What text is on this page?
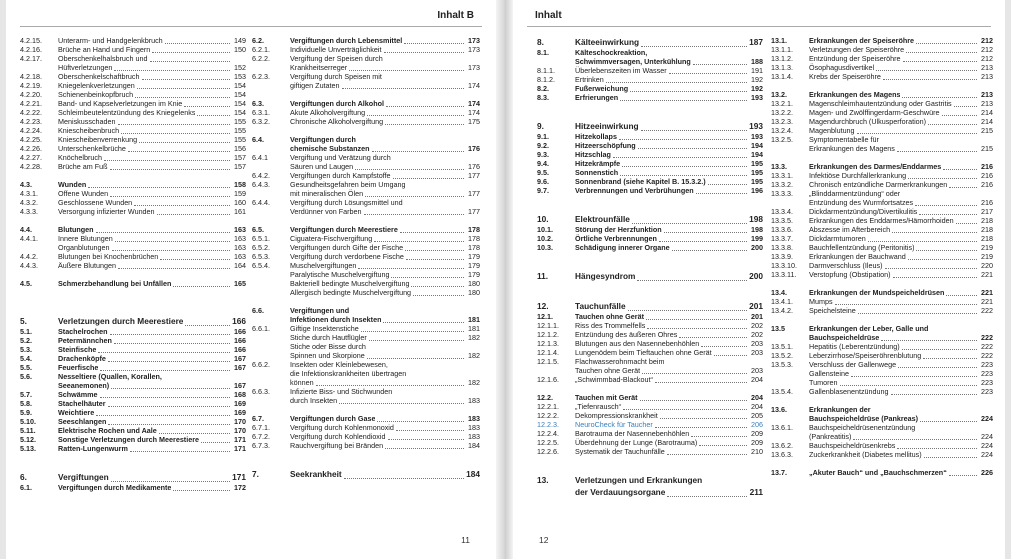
Inhalt B
4.2.15.	Unterarm- und Handgelenkbruch	149
4.2.16.	Brüche an Hand und Fingern	150
4.2.17.	Oberschenkelhalsbruch und
Hüftverletzungen	152
4.2.18.	Oberschenkelschaftbruch	153
4.2.19.	Kniegelenkverletzungen	154
4.2.20.	Schienenbeinkopfbruch	154
4.2.21.	Band- und Kapselverletzungen im Knie	154
4.2.22.	Schleimbeutelentzündung des Kniegelenks	154
4.2.23.	Meniskusschaden	155
4.2.24.	Kniescheibenbruch	155
4.2.25.	Kniescheibenverrenkung	155
4.2.26.	Unterschenkelbrüche	156
4.2.27.	Knöchelbruch	157
4.2.28.	Brüche am Fuß	157
4.3.	Wunden	158
4.3.1.	Offene Wunden	159
4.3.2.	Geschlossene Wunden	160
4.3.3.	Versorgung infizierter Wunden	161
4.4.	Blutungen	163
4.4.1.	Innere Blutungen	163
Organblutungen	163
4.4.2.	Blutungen bei Knochenbrüchen	163
4.4.3.	Äußere Blutungen	164
4.5.	Schmerzbehandlung bei Unfällen	165
5.	Verletzungen durch Meerestiere	166
5.1.	Stachelrochen	166
5.2.	Petermännchen	166
5.3.	Steinfische	166
5.4.	Drachenköpfe	167
5.5.	Feuerfische	167
5.6.	Nesseltiere (Quallen, Korallen,
Seeanemonen)	167
5.7.	Schwämme	168
5.8.	Stachelhäuter	169
5.9.	Weichtiere	169
5.10.	Seeschlangen	170
5.11.	Elektrische Rochen und Aale	170
5.12.	Sonstige Verletzungen durch Meerestiere	171
5.13.	Ratten-Lungenwurm	171
6.	Vergiftungen	171
6.1.	Vergiftungen durch Medikamente	172
6.2.	Vergiftungen durch Lebensmittel	173
6.2.1.	Individuelle Unverträglichkeit	173
6.2.2.	Vergiftung der Speisen durch
Krankheitserreger	173
6.2.3.	Vergiftung durch Speisen mit
giftigen Zutaten	174
6.3.	Vergiftungen durch Alkohol	174
6.3.1.	Akute Alkoholvergiftung	174
6.3.2.	Chronische Alkoholvergiftung	175
6.4.	Vergiftungen durch
chemische Substanzen	176
6.4.1	Vergiftung und Verätzung durch
Säuren und Laugen	176
6.4.2.	Vergiftungen durch Kampfstoffe	177
6.4.3.	Gesundheitsgefahren beim Umgang
mit mineralischen Ölen	177
6.4.4.	Vergiftung durch Lösungsmittel und
Verdünner von Farben	177
6.5.	Vergiftungen durch Meerestiere	178
6.5.1.	Ciguatera-Fischvergiftung	178
6.5.2.	Vergiftungen durch Gifte der Fische	178
6.5.3.	Vergiftung durch verdorbene Fische	179
6.5.4.	Muschelvergiftungen	179
Paralytische Muschelvergiftung	179
Bakteriell bedingte Muschelvergiftung	180
Allergisch bedingte Muschelvergiftung	180
6.6.	Vergiftungen und
Infektionen durch Insekten	181
6.6.1.	Giftige Insektenstiche	181
Stiche durch Hautflügler	182
Stiche oder Bisse durch
Spinnen und Skorpione	182
6.6.2.	Insekten oder Kleinlebewesen,
die Infektionskrankheiten übertragen
können	182
6.6.3.	Infizierte Biss- und Stichwunden
durch Insekten	183
6.7.	Vergiftungen durch Gase	183
6.7.1.	Vergiftung durch Kohlenmonoxid	183
6.7.2.	Vergiftung durch Kohlendioxid	183
6.7.3.	Rauchvergiftung bei Bränden	184
7.	Seekrankheit	184
11
Inhalt
8.	Kälteeinwirkung	187
8.1.	Kälteschockreaktion,
Schwimmversagen, Unterkühlung	188
8.1.1.	Überlebenszeiten im Wasser	191
8.1.2.	Ertrinken	192
8.2.	Fußerweichung	192
8.3.	Erfrierungen	193
9.	Hitzeeinwirkung	193
9.1.	Hitzekollaps	193
9.2.	Hitzeerschöpfung	194
9.3.	Hitzschlag	194
9.4.	Hitzekrämpfe	195
9.5.	Sonnenstich	195
9.6.	Sonnenbrand (siehe Kapitel B. 15.3.2.)	195
9.7.	Verbrennungen und Verbrühungen	196
10.	Elektrounfälle	198
10.1.	Störung der Herzfunktion	198
10.2.	Örtliche Verbrennungen	199
10.3.	Schädigung innerer Organe	200
11.	Hängesyndrom	200
12.	Tauchunfälle	201
12.1.	Tauchen ohne Gerät	201
12.1.1.	Riss des Trommelfells	202
12.1.2.	Entzündung des äußeren Ohres	202
12.1.3.	Blutungen aus den Nasennebenhöhlen	203
12.1.4.	Lungenödem beim Tieftauchen ohne Gerät	203
12.1.5.	Flachwasserohnmacht beim
Tauchen ohne Gerät	203
12.1.6.	„Schwimmbad-Blackout“	204
12.2.	Tauchen mit Gerät	204
12.2.1.	„Tiefenrausch“	204
12.2.2.	Dekompressionskrankheit	205
12.2.3.	NeuroCheck für Taucher	206
12.2.4.	Barotrauma der Nasennebenhöhlen	209
12.2.5.	Überdehnung der Lunge (Barotrauma)	209
12.2.6.	Systematik der Tauchunfälle	210
13.	Verletzungen und Erkrankungen
der Verdauungsorgane	211
13.1.	Erkrankungen der Speiseröhre	212
13.1.1.	Verletzungen der Speiseröhre	212
13.1.2.	Entzündung der Speiseröhre	212
13.1.3.	Ösophagusdivertikel	213
13.1.4.	Krebs der Speiseröhre	213
13.2.	Erkrankungen des Magens	213
13.2.1.	Magenschleimhautentzündung oder Gastritis	213
13.2.2.	Magen- und Zwölffingerdarm-Geschwüre	214
13.2.3.	Magendurchbruch (Ulkusperforation)	214
13.2.4.	Magenblutung	215
13.2.5.	Symptomentabelle für
Erkrankungen des Magens	215
13.3.	Erkrankungen des Darmes/Enddarmes	216
13.3.1.	Infektiöse Durchfallerkrankung	216
13.3.2.	Chronisch entzündliche Darmerkrankungen	216
13.3.3.	„Blinddarmentzündung“ oder
Entzündung des Wurmfortsatzes	216
13.3.4.	Dickdarmentzündung/Divertikulitis	217
13.3.5.	Erkrankungen des Enddarmes/Hämorrhoiden	218
13.3.6.	Abszesse im Afterbereich	218
13.3.7.	Dickdarmtumoren	218
13.3.8.	Bauchfellentzündung (Peritonitis)	219
13.3.9.	Erkrankungen der Bauchwand	219
13.3.10.	Darmverschluss (Ileus)	220
13.3.11.	Verstopfung (Obstipation)	221
13.4.	Erkrankungen der Mundspeicheldrüsen	221
13.4.1.	Mumps	221
13.4.2.	Speichelsteine	222
13.5	Erkrankungen der Leber, Galle und
Bauchspeicheldrüse	222
13.5.1.	Hepatitis (Leberentzündung)	222
13.5.2.	Leberzirrhose/Speiseröhrenblutung	222
13.5.3.	Verschluss der Gallenwege	223
Gallensteine	223
Tumoren	223
13.5.4.	Gallenblasenentzündung	223
13.6.	Erkrankungen der
Bauchspeicheldrüse (Pankreas)	224
13.6.1.	Bauchspeicheldrüsenentzündung
(Pankreatitis)	224
13.6.2.	Bauchspeicheldrüsenkrebs	224
13.6.3.	Zuckerkrankheit (Diabetes mellitus)	224
13.7.	„Akuter Bauch“ und „Bauchschmerzen“	226
12
